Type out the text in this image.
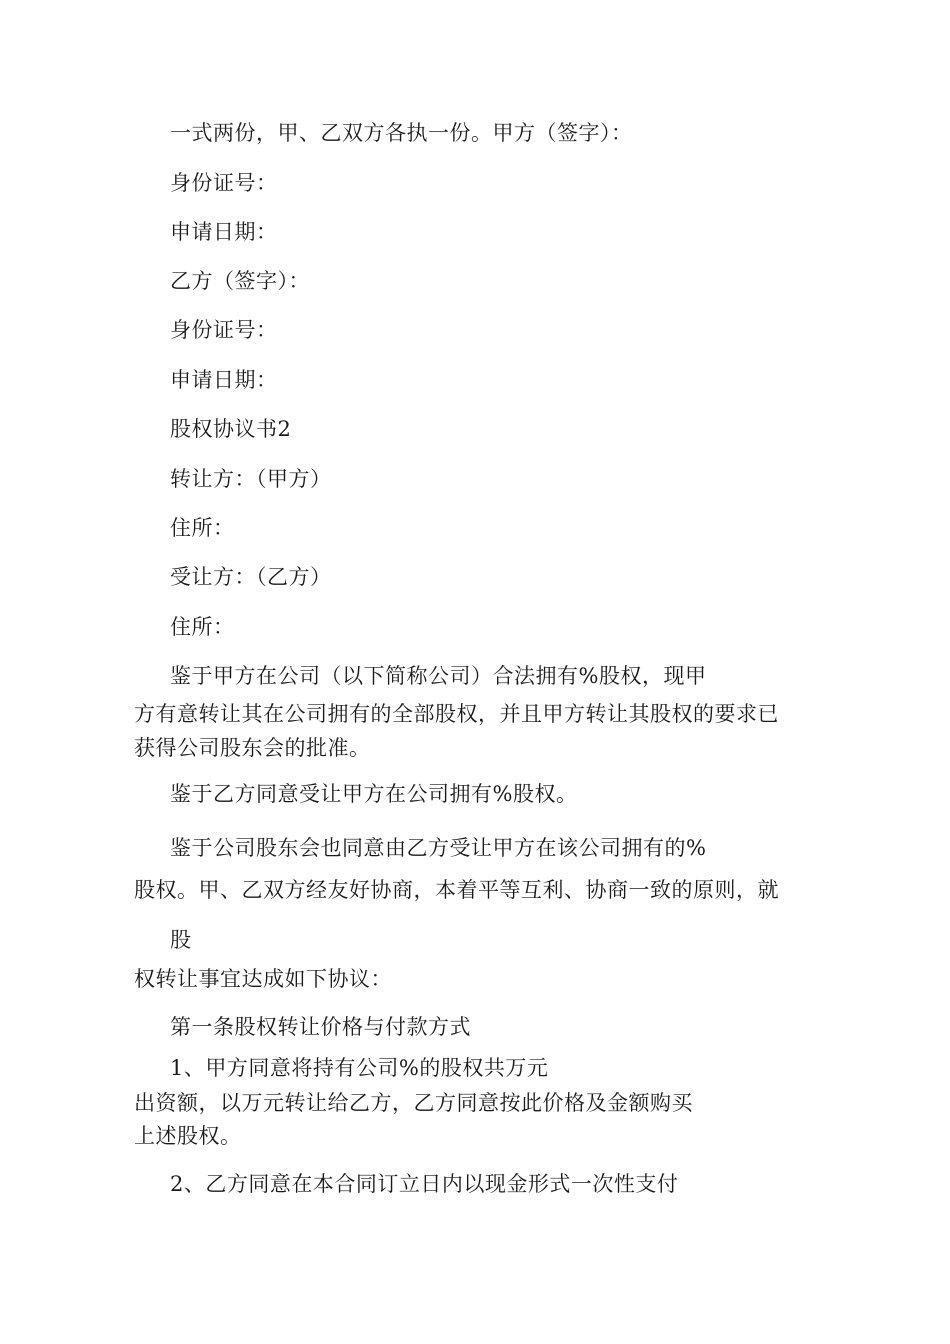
一式两份，甲、乙双方各执一份。甲方（签字）：
身份证号：
申请日期：
乙方（签字）：
身份证号：
申请日期：
股权协议书2
转让方：（甲方）
住所：
受让方：（乙方）
住所：
鉴于甲方在公司（以下简称公司）合法拥有%股权，现甲
方有意转让其在公司拥有的全部股权，并且甲方转让其股权的要求已
获得公司股东会的批准。
鉴于乙方同意受让甲方在公司拥有%股权。
鉴于公司股东会也同意由乙方受让甲方在该公司拥有的%
股权。甲、乙双方经友好协商，本着平等互利、协商一致的原则，就
股
权转让事宜达成如下协议：
第一条股权转让价格与付款方式
1、甲方同意将持有公司%的股权共万元
出资额，以万元转让给乙方，乙方同意按此价格及金额购买
上述股权。
2、乙方同意在本合同订立日内以现金形式一次性支付
